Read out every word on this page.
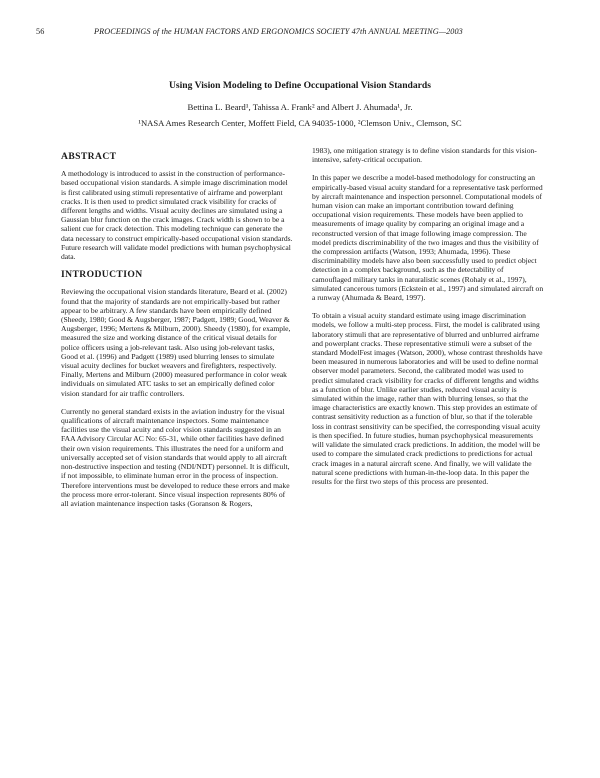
56	PROCEEDINGS of the HUMAN FACTORS AND ERGONOMICS SOCIETY 47th ANNUAL MEETING—2003
Using Vision Modeling to Define Occupational Vision Standards
Bettina L. Beard¹, Tahissa A. Frank² and Albert J. Ahumada¹, Jr.
¹NASA Ames Research Center, Moffett Field, CA 94035-1000, ²Clemson Univ., Clemson, SC
ABSTRACT

A methodology is introduced to assist in the construction of performance-based occupational vision standards. A simple image discrimination model is first calibrated using stimuli representative of airframe and powerplant cracks. It is then used to predict simulated crack visibility for cracks of different lengths and widths. Visual acuity declines are simulated using a Gaussian blur function on the crack images. Crack width is shown to be a salient cue for crack detection. This modeling technique can generate the data necessary to construct empirically-based occupational vision standards. Future research will validate model predictions with human psychophysical data.

INTRODUCTION

Reviewing the occupational vision standards literature, Beard et al. (2002) found that the majority of standards are not empirically-based but rather appear to be arbitrary. A few standards have been empirically defined (Sheedy, 1980; Good & Augsberger, 1987; Padgett, 1989; Good, Weaver & Augsberger, 1996; Mertens & Milburn, 2000). Sheedy (1980), for example, measured the size and working distance of the critical visual details for police officers using a job-relevant task. Also using job-relevant tasks, Good et al. (1996) and Padgett (1989) used blurring lenses to simulate visual acuity declines for bucket weavers and firefighters, respectively. Finally, Mertens and Milburn (2000) measured performance in color weak individuals on simulated ATC tasks to set an empirically defined color vision standard for air traffic controllers.

Currently no general standard exists in the aviation industry for the visual qualifications of aircraft maintenance inspectors. Some maintenance facilities use the visual acuity and color vision standards suggested in an FAA Advisory Circular AC No: 65-31, while other facilities have defined their own vision requirements. This illustrates the need for a uniform and universally accepted set of vision standards that would apply to all aircraft non-destructive inspection and testing (NDI/NDT) personnel. It is difficult, if not impossible, to eliminate human error in the process of inspection. Therefore interventions must be developed to reduce these errors and make the process more error-tolerant. Since visual inspection represents 80% of all aviation maintenance inspection tasks (Goranson & Rogers,

1983), one mitigation strategy is to define vision standards for this vision-intensive, safety-critical occupation.

In this paper we describe a model-based methodology for constructing an empirically-based visual acuity standard for a representative task performed by aircraft maintenance and inspection personnel. Computational models of human vision can make an important contribution toward defining occupational vision requirements. These models have been applied to measurements of image quality by comparing an original image and a reconstructed version of that image following image compression. The model predicts discriminability of the two images and thus the visibility of the compression artifacts (Watson, 1993; Ahumada, 1996). These discriminability models have also been successfully used to predict object detection in a complex background, such as the detectability of camouflaged military tanks in naturalistic scenes (Rohaly et al., 1997), simulated cancerous tumors (Eckstein et al., 1997) and simulated aircraft on a runway (Ahumada & Beard, 1997).

To obtain a visual acuity standard estimate using image discrimination models, we follow a multi-step process. First, the model is calibrated using laboratory stimuli that are representative of blurred and unblurred airframe and powerplant cracks. These representative stimuli were a subset of the standard ModelFest images (Watson, 2000), whose contrast thresholds have been measured in numerous laboratories and will be used to define normal observer model parameters. Second, the calibrated model was used to predict simulated crack visibility for cracks of different lengths and widths as a function of blur. Unlike earlier studies, reduced visual acuity is simulated within the image, rather than with blurring lenses, so that the image characteristics are exactly known. This step provides an estimate of contrast sensitivity reduction as a function of blur, so that if the tolerable loss in contrast sensitivity can be specified, the corresponding visual acuity is then specified. In future studies, human psychophysical measurements will validate the simulated crack predictions. In addition, the model will be used to compare the simulated crack predictions to predictions for actual crack images in a natural aircraft scene. And finally, we will validate the natural scene predictions with human-in-the-loop data. In this paper the results for the first two steps of this process are presented.
